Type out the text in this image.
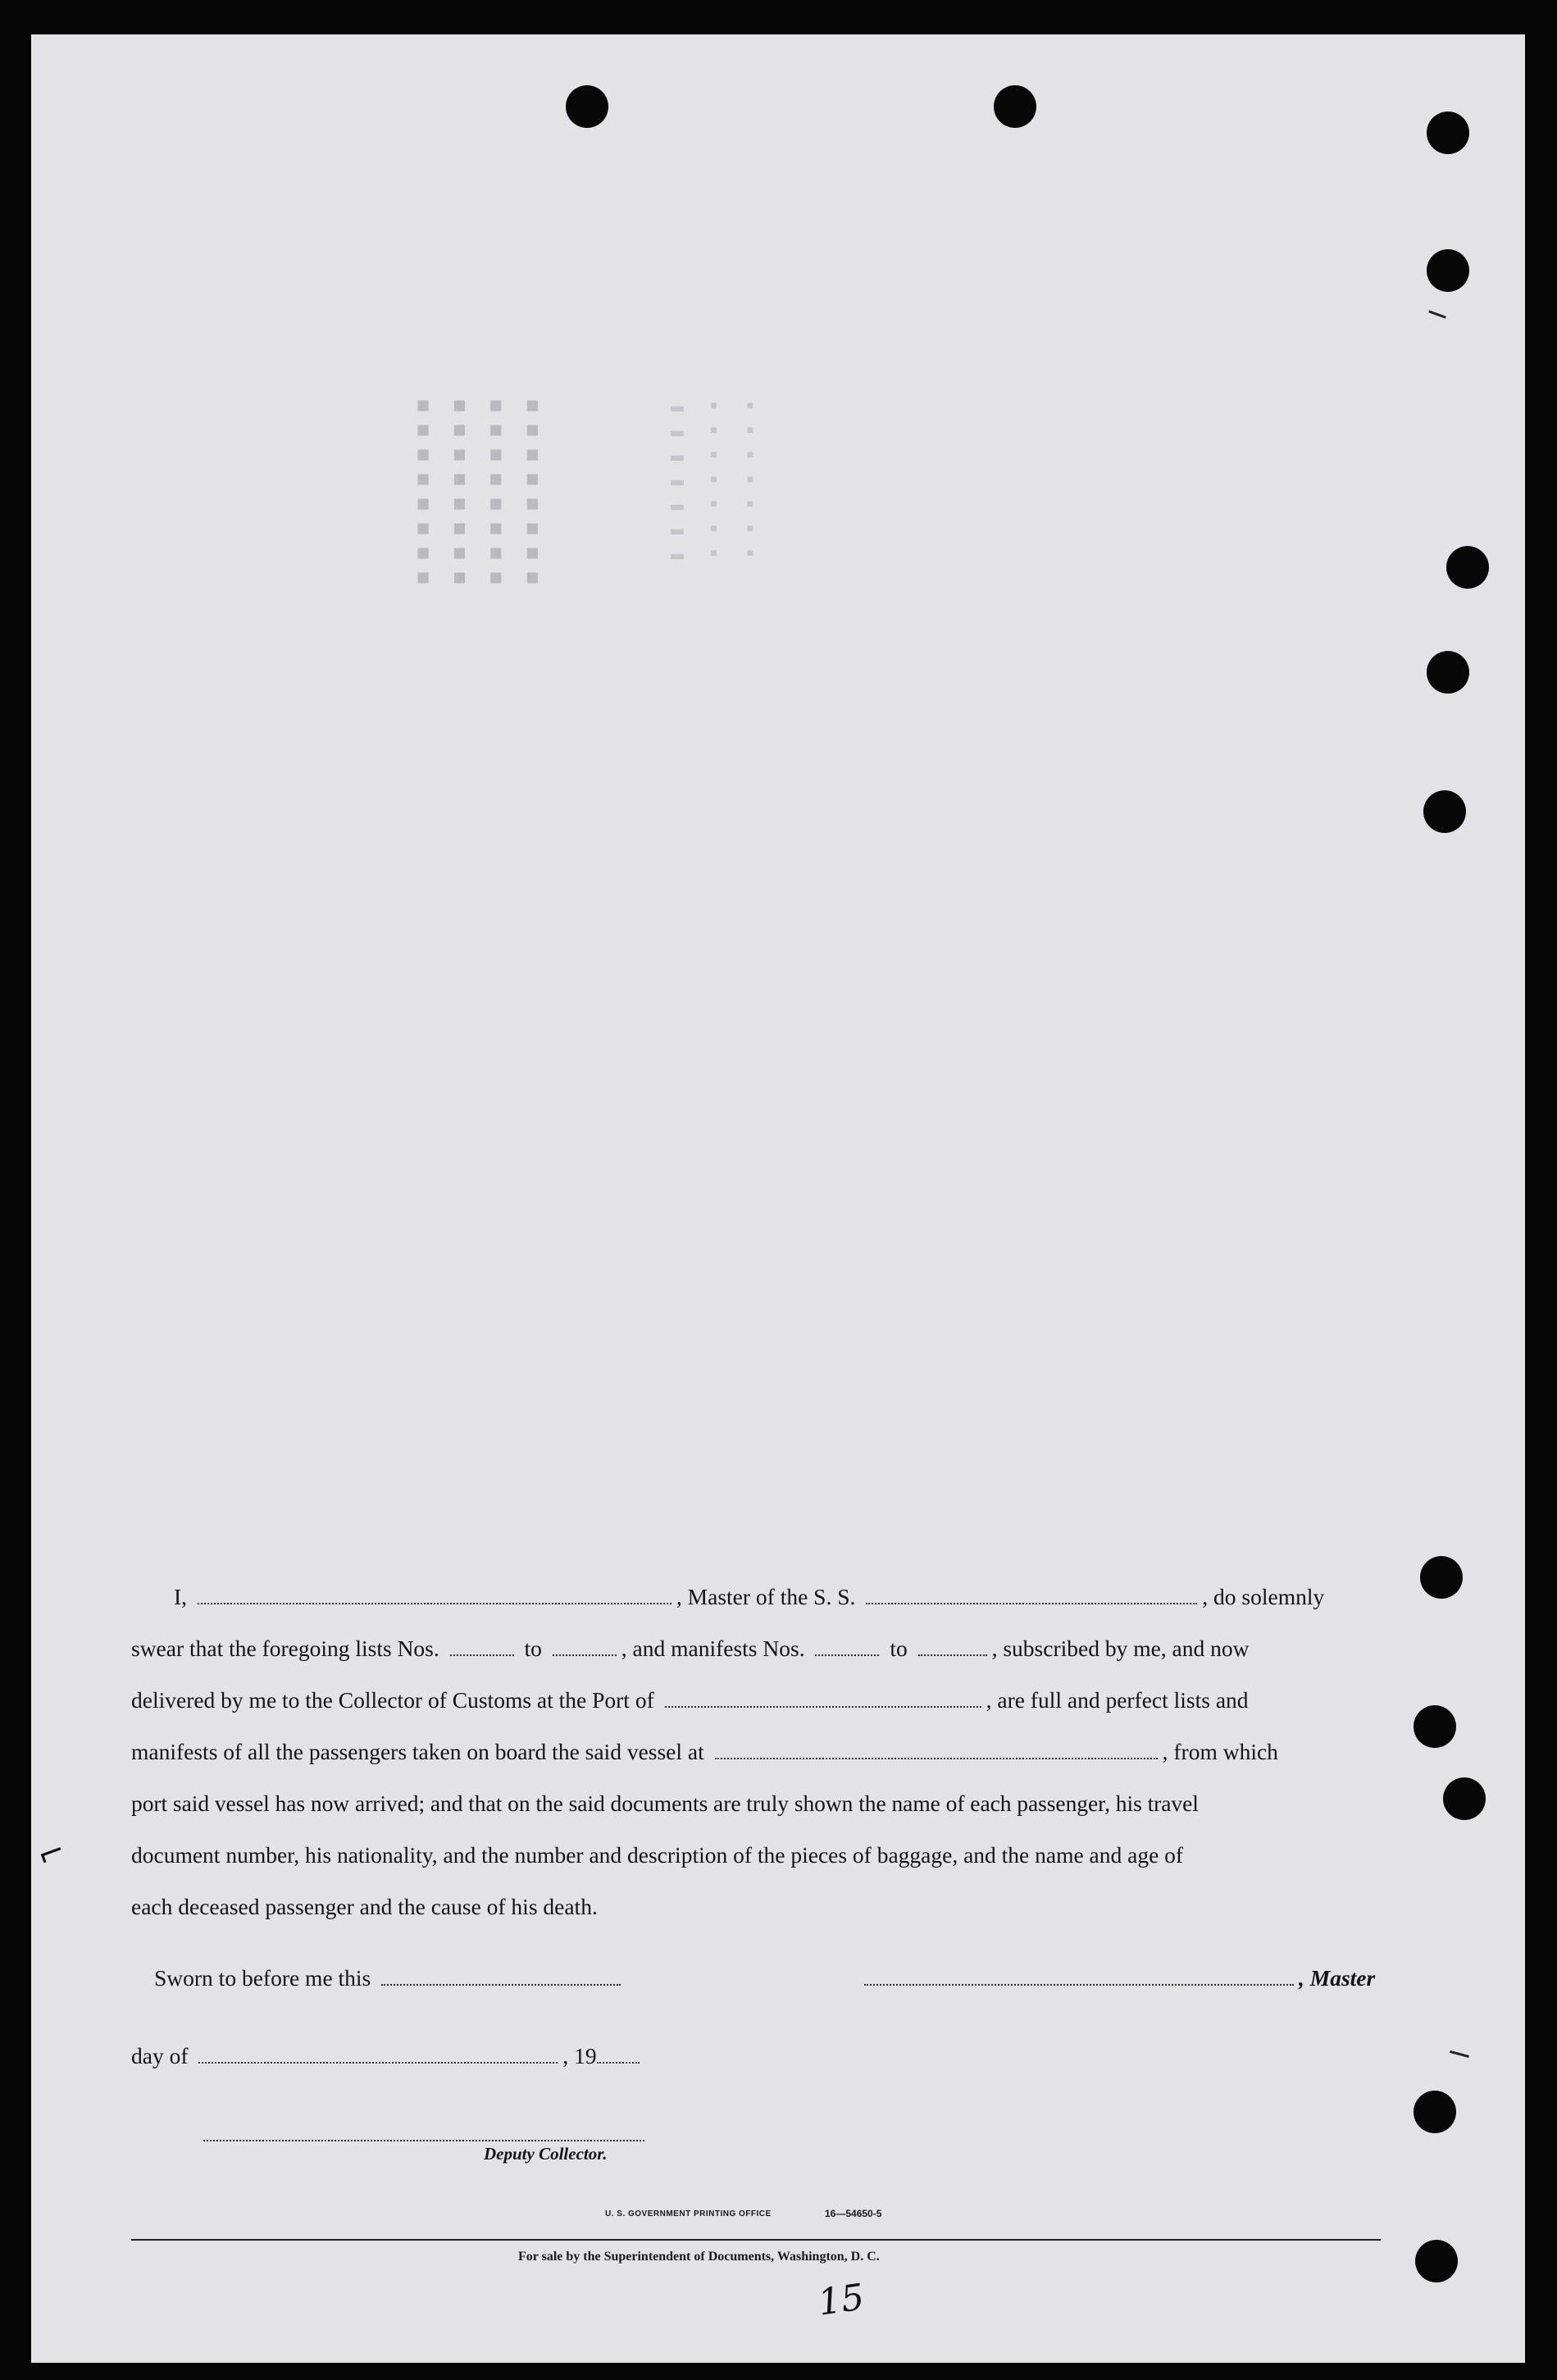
■ ■ ■ ■
■ ■ ■ ■
■ ■ ■ ■
■ ■ ■ ■
■ ■ ■ ■
■ ■ ■ ■
■ ■ ■ ■
■ ■ ■ ■
▬ ▪ ▪
▬ ▪ ▪
▬ ▪ ▪
▬ ▪ ▪
▬ ▪ ▪
▬ ▪ ▪
▬ ▪ ▪
I,	, Master of the S. S.	, do solemnly
swear that the foregoing lists Nos.	to	, and manifests Nos.	to	, subscribed by me, and now
delivered by me to the Collector of Customs at the Port of	, are full and perfect lists and
manifests of all the passengers taken on board the said vessel at	, from which
port said vessel has now arrived; and that on the said documents are truly shown the name of each passenger, his travel
document number, his nationality, and the number and description of the pieces of baggage, and the name and age of
each deceased passenger and the cause of his death.
Sworn to before me this	, Master
day of	, 19
Deputy Collector.
U. S. GOVERNMENT PRINTING OFFICE	16—54650-5
For sale by the Superintendent of Documents, Washington, D. C.
15
⌐
